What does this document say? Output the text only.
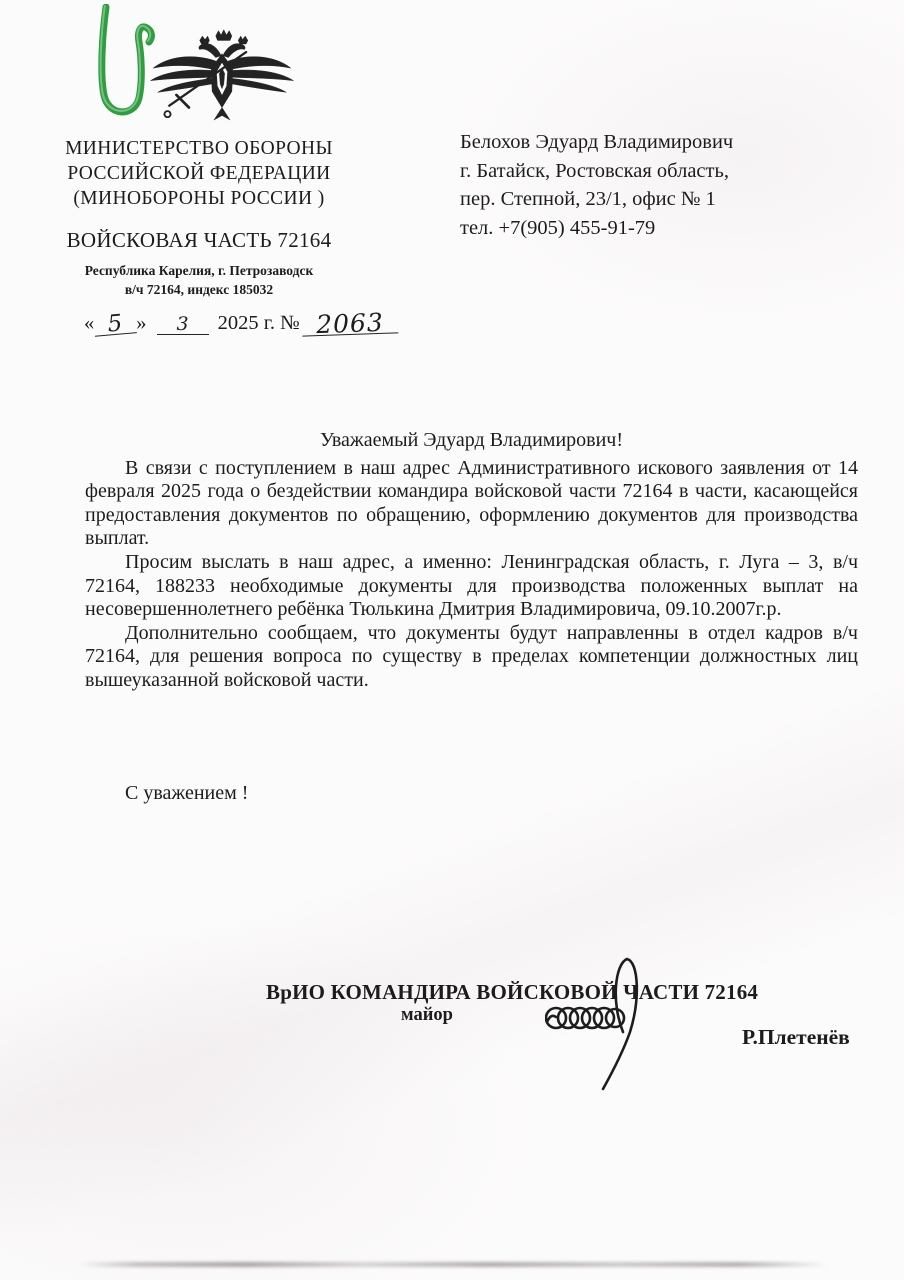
МИНИСТЕРСТВО ОБОРОНЫ
РОССИЙСКОЙ ФЕДЕРАЦИИ
(МИНОБОРОНЫ РОССИИ )
ВОЙСКОВАЯ ЧАСТЬ 72164
Республика Карелия, г. Петрозаводск
в/ч 72164, индекс 185032
« 5 » 3 2025 г. № 2063
Белохов Эдуард Владимирович
г. Батайск, Ростовская область,
пер. Степной, 23/1, офис № 1
тел. +7(905) 455-91-79
Уважаемый Эдуард Владимирович!

В связи с поступлением в наш адрес Административного искового заявления от 14 февраля 2025 года о бездействии командира войсковой части 72164 в части, касающейся предоставления документов по обращению, оформлению документов для производства выплат.

Просим выслать в наш адрес, а именно: Ленинградская область, г. Луга – 3, в/ч 72164, 188233 необходимые документы для производства положенных выплат на несовершеннолетнего ребёнка Тюлькина Дмитрия Владимировича, 09.10.2007г.р.

Дополнительно сообщаем, что документы будут направленны в отдел кадров в/ч 72164, для решения вопроса по существу в пределах компетенции должностных лиц вышеуказанной войсковой части.

С уважением !
ВрИО КОМАНДИРА ВОЙСКОВОЙ ЧАСТИ 72164
майор
Р.Плетенёв
